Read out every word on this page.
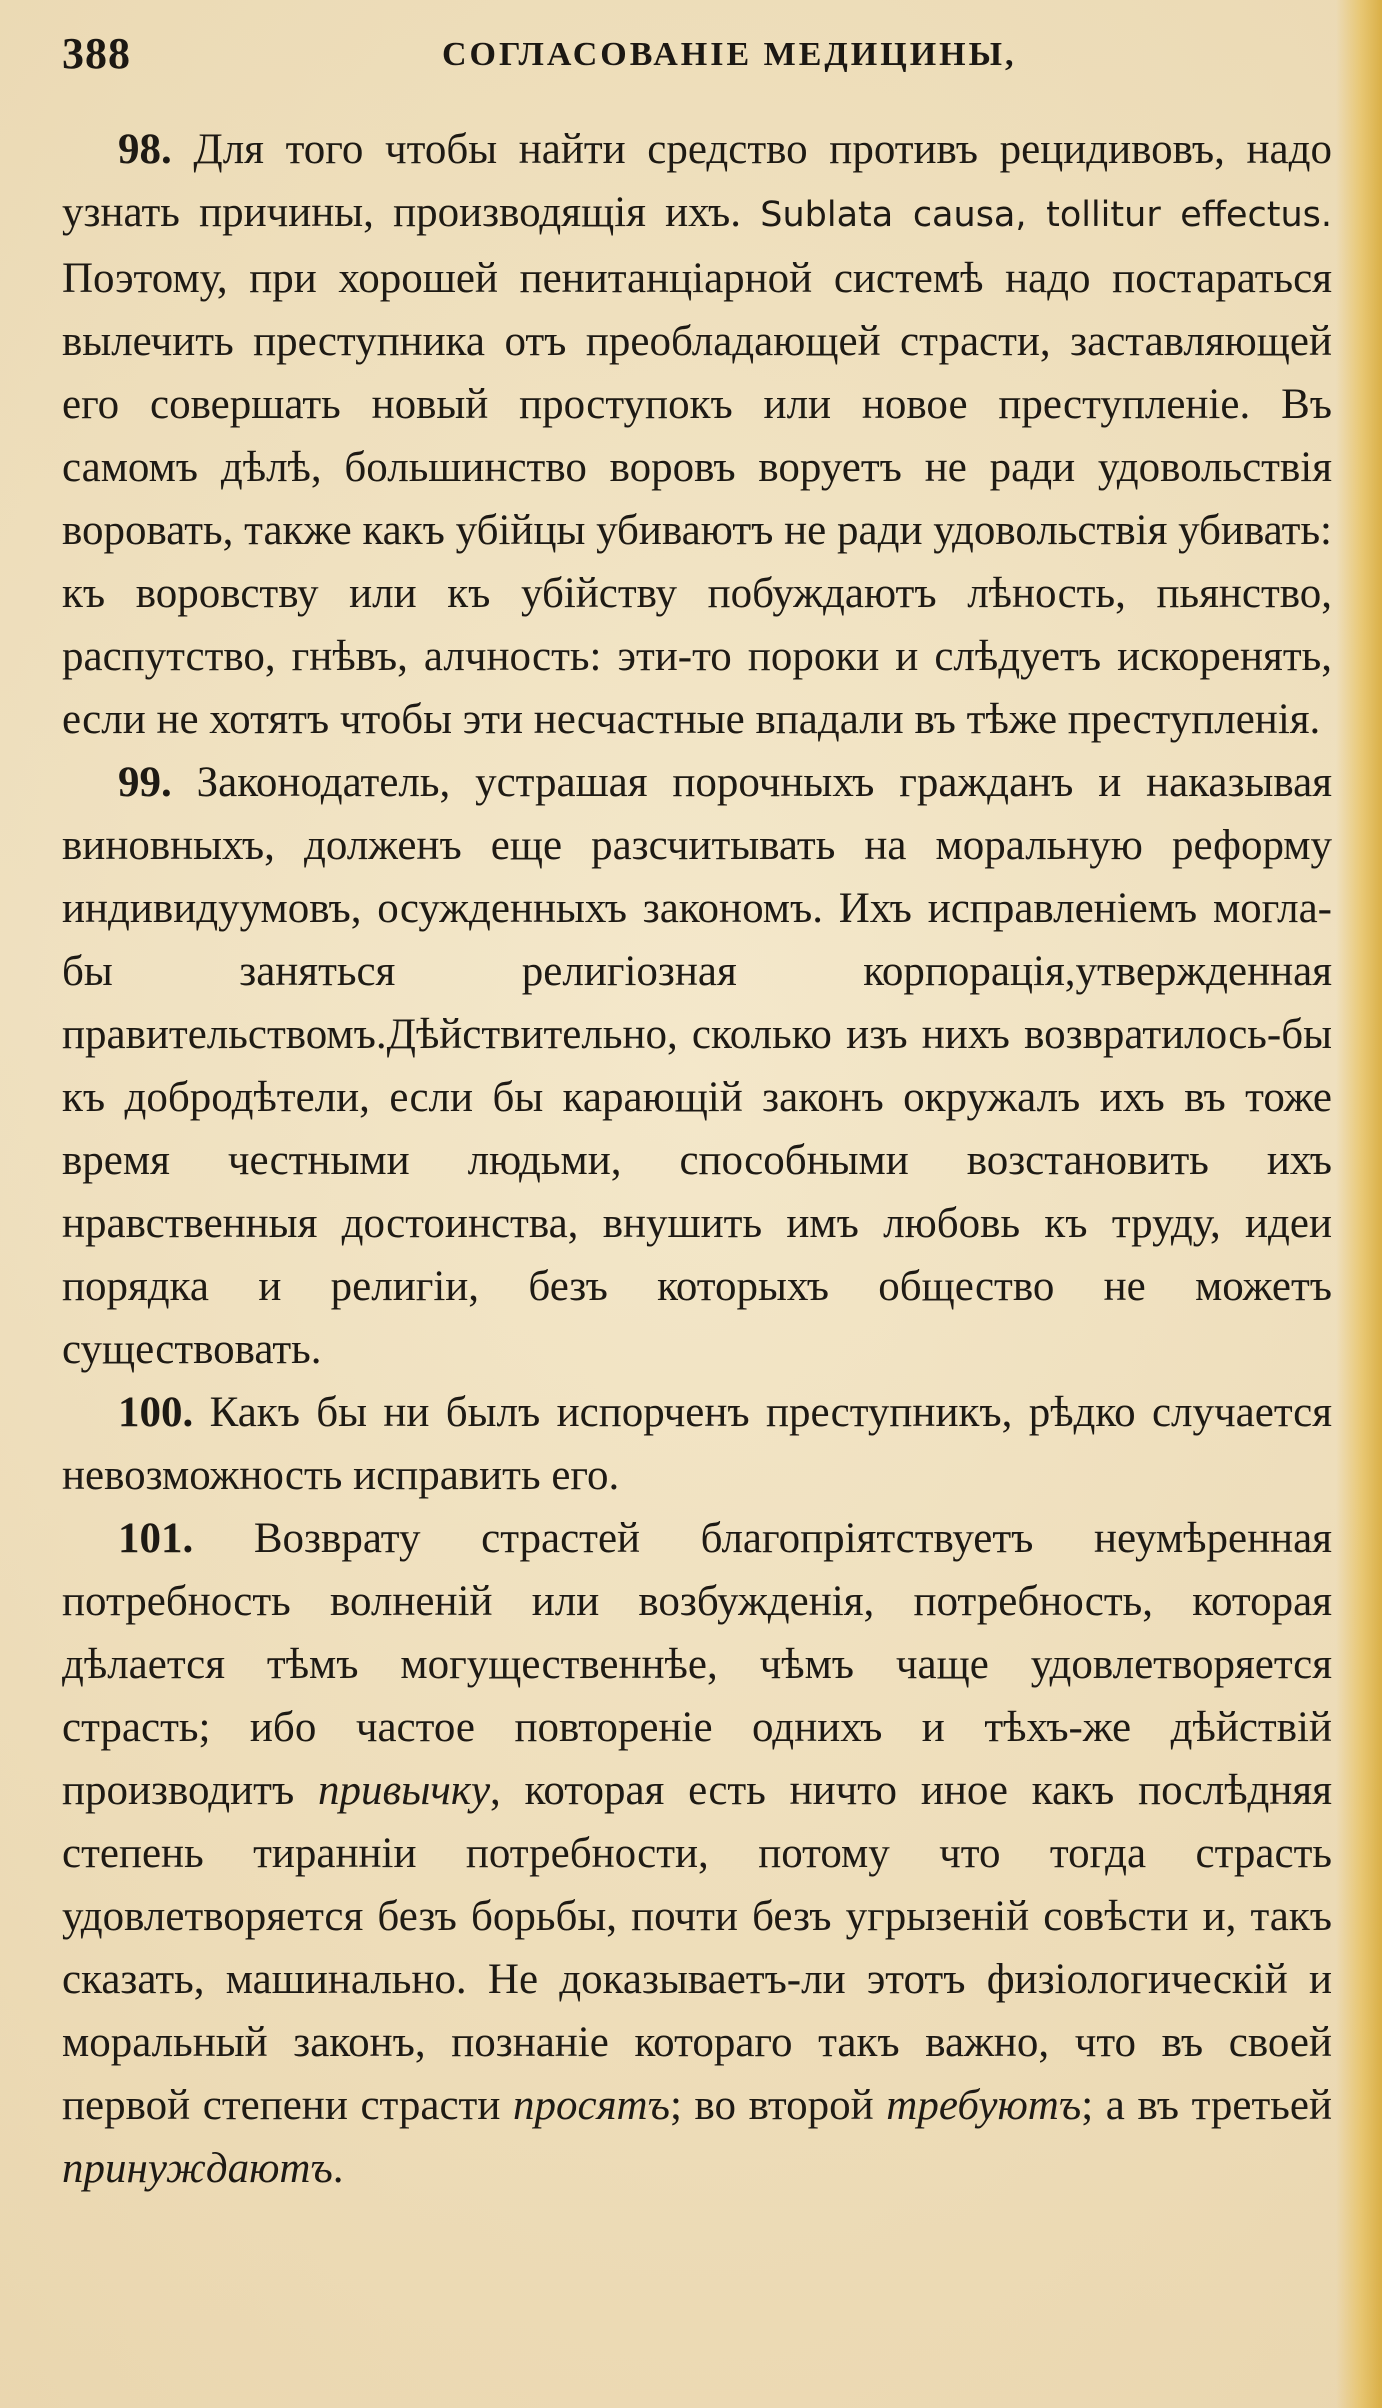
388	СОГЛАСОВАНІЕ МЕДИЦИНЫ,

98. Для того чтобы найти средство противъ рецидивовъ, надо узнать причины, производящія ихъ. Sublata causa, tollitur effectus. Поэтому, при хорошей пенитанціарной системѣ надо постараться вылечить преступника отъ преобладающей страсти, заставляющей его совершать новый проступокъ или новое преступленіе. Въ самомъ дѣлѣ, большинство воровъ воруетъ не ради удовольствія воровать, также какъ убійцы убиваютъ не ради удовольствія убивать: къ воровству или къ убійству побуждаютъ лѣность, пьянство, распутство, гнѣвъ, алчность: эти-то пороки и слѣдуетъ искоренять, если не хотятъ чтобы эти несчастные впадали въ тѣже преступленія.

99. Законодатель, устрашая порочныхъ гражданъ и наказывая виновныхъ, долженъ еще разсчитывать на моральную реформу индивидуумовъ, осужденныхъ закономъ. Ихъ исправленіемъ могла-бы заняться религіозная корпорація,утвержденная правительствомъ.Дѣйствительно, сколько изъ нихъ возвратилось-бы къ добродѣтели, если бы карающій законъ окружалъ ихъ въ тоже время честными людьми, способными возстановить ихъ нравственныя достоинства, внушить имъ любовь къ труду, идеи порядка и религіи, безъ которыхъ общество не можетъ существовать.

100. Какъ бы ни былъ испорченъ преступникъ, рѣдко случается невозможность исправить его.

101. Возврату страстей благопріятствуетъ неумѣренная потребность волненій или возбужденія, потребность, которая дѣлается тѣмъ могущественнѣе, чѣмъ чаще удовлетворяется страсть; ибо частое повтореніе однихъ и тѣхъ-же дѣйствій производитъ привычку, которая есть ничто иное какъ послѣдняя степень тиранніи потребности, потому что тогда страсть удовлетворяется безъ борьбы, почти безъ угрызеній совѣсти и, такъ сказать, машинально. Не доказываетъ-ли этотъ физіологическій и моральный законъ, познаніе котораго такъ важно, что въ своей первой степени страсти просятъ; во второй требуютъ; а въ третьей принуждаютъ.
